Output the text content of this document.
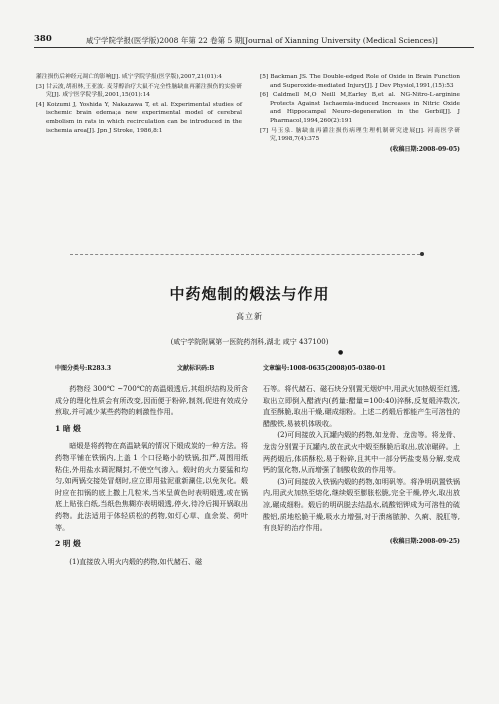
380	咸宁学院学报(医学版)2008 年第 22 卷第 5 期[Journal of Xianning University (Medical Sciences)]

灌注损伤后神经元凋亡的影响[J]. 咸宁学院学报(医学版),2007,21(01):4

[3] 甘云波,胡祖林,王亚波. 麦芽醇治疗大鼠不完全性脑缺血再灌注损伤的实验研究[J]. 咸宁医学院学报,2001,15(01):14

[4] Koizumi J, Yoshida Y, Nakazawa T, et al. Experimental studies of ischemic brain edema;a new experimental model of cerebral embolism in rats in which recirculation can be introduced in the ischemia area[J]. Jpn J Stroke, 1986,8:1

[5] Backman JS. The Double-edged Role of Oxide in Brain Function and Superoxide-mediated Injury[J]. J Dev Physiol,1991,(15):53

[6] Caldmell M,O Neill M,Earley B,et al. NG-Nitro-L-arginine Protects Against Ischaemia-induced Increases in Nitric Oxide and Hippocampal Neuro-degeneration in the Gerbil[J]. J Pharmacol,1994,260(2):191

[7] 马玉泉. 脑缺血再灌注损伤病理生理机制研究进展[J]. 河南医学研究,1998,7(4):375

(收稿日期:2008-09-05)
中药炮制的煅法与作用
高立新
(咸宁学院附属第一医院药剂科,湖北 咸宁 437100)
●
中图分类号:R283.3	文献标识码:B	文章编号:1008-0635(2008)05-0380-01

药物经 300℃ ~700℃的高温煅透后,其组织结构及所含成分的理化性质会有所改变,因而便于粉碎,制剂,促进有效成分煎取,并可减少某些药物的刺激性作用。

1 暗 煅

暗煅是将药物在高温缺氧的情况下煅成炭的一种方法。将药物平铺在铁锅内,上盖 1 个口径略小的铁锅,扣严,周围用纸粘住,外用盐水调泥糊封,不使空气渗入。煅时的火力要猛和均匀,如两锅交接处冒烟时,应立即用盐泥重新涮住,以免灰化。煅时应在扣锅的底上撒上几粒米,当米呈黄色时表明煅透,或在锅底上贴张白纸,当纸色焦糊亦表明煅透,停火,待冷后揭开锅取出药物。此法适用于体轻质松的药物,如灯心草、血余炭、荷叶等。

2 明 煅

(1)直接放入明火内煅的药物,如代赭石、磁

石等。将代赭石、磁石块分别置无烟炉中,用武火加热煅至红透,取出立即倒入醋液内(药量:醋量=100:40)淬酥,反复煅淬数次,直至酥脆,取出干燥,碾成细粉。上述二药煅后都能产生可溶性的醋酸铁,易被机体吸收。

(2)可间接放入瓦罐内煅的药物,如龙骨、龙齿等。将龙骨、龙齿分别置于瓦罐内,放在武火中煅至酥脆后取出,放凉碾碎。上两药煅后,体质酥松,易于粉碎,且其中一部分钙盐变易分解,变成钙的氢化物,从而增强了制酸收敛的作用等。

(3)可间接放入铁锅内煅的药物,如明矾等。将净明矾置铁锅内,用武火加热至熔化,继续煅至膨胀松脆,完全干燥,停火,取出放凉,碾成细粉。煅后的明矾脱去结晶水,硫酸铝钾成为可溶性的硫酸铝,质地松脆干燥,吸水力增强,对于溃疡脓肿、久痢、脱肛等,有良好的治疗作用。

(收稿日期:2008-09-25)
